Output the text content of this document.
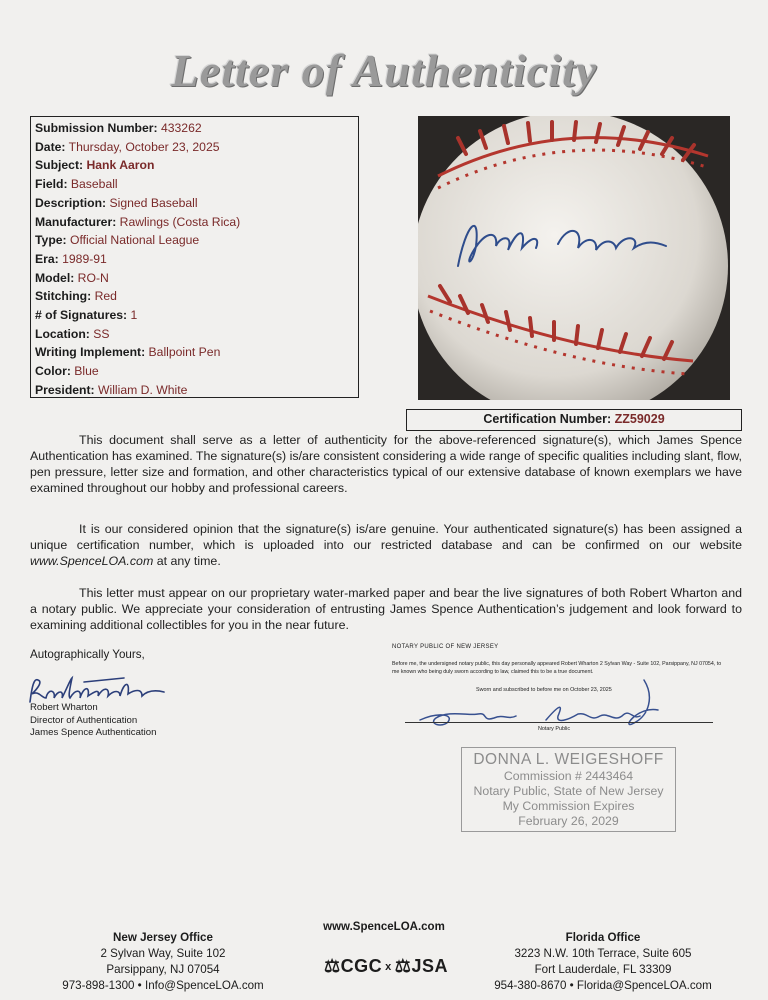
Letter of Authenticity
Submission Number: 433262
Date: Thursday, October 23, 2025
Subject: Hank Aaron
Field: Baseball
Description: Signed Baseball
Manufacturer: Rawlings (Costa Rica)
Type: Official National League
Era: 1989-91
Model: RO-N
Stitching: Red
# of Signatures: 1
Location: SS
Writing Implement: Ballpoint Pen
Color: Blue
President: William D. White
Certification Number: ZZ59029
This document shall serve as a letter of authenticity for the above-referenced signature(s), which James Spence Authentication has examined. The signature(s) is/are consistent considering a wide range of specific qualities including slant, flow, pen pressure, letter size and formation, and other characteristics typical of our extensive database of known exemplars we have examined throughout our hobby and professional careers.
It is our considered opinion that the signature(s) is/are genuine. Your authenticated signature(s) has been assigned a unique certification number, which is uploaded into our restricted database and can be confirmed on our website www.SpenceLOA.com at any time.
This letter must appear on our proprietary water-marked paper and bear the live signatures of both Robert Wharton and a notary public. We appreciate your consideration of entrusting James Spence Authentication’s judgement and look forward to examining additional collectibles for you in the near future.
Autographically Yours,
Robert Wharton
Director of Authentication
James Spence Authentication
NOTARY PUBLIC OF NEW JERSEY
Before me, the undersigned notary public, this day personally appeared Robert Wharton 2 Sylvan Way - Suite 102, Parsippany, NJ 07054, to me known who being duly sworn according to law, claimed this to be a true document.
Sworn and subscribed to before me on October 23, 2025
Notary Public
DONNA L. WEIGESHOFF
Commission # 2443464
Notary Public, State of New Jersey
My Commission Expires
February 26, 2029
www.SpenceLOA.com
New Jersey Office
2 Sylvan Way, Suite 102
Parsippany, NJ 07054
973-898-1300 • Info@SpenceLOA.com
⚖CGC x ⚖JSA
Florida Office
3223 N.W. 10th Terrace, Suite 605
Fort Lauderdale, FL 33309
954-380-8670 • Florida@SpenceLOA.com
